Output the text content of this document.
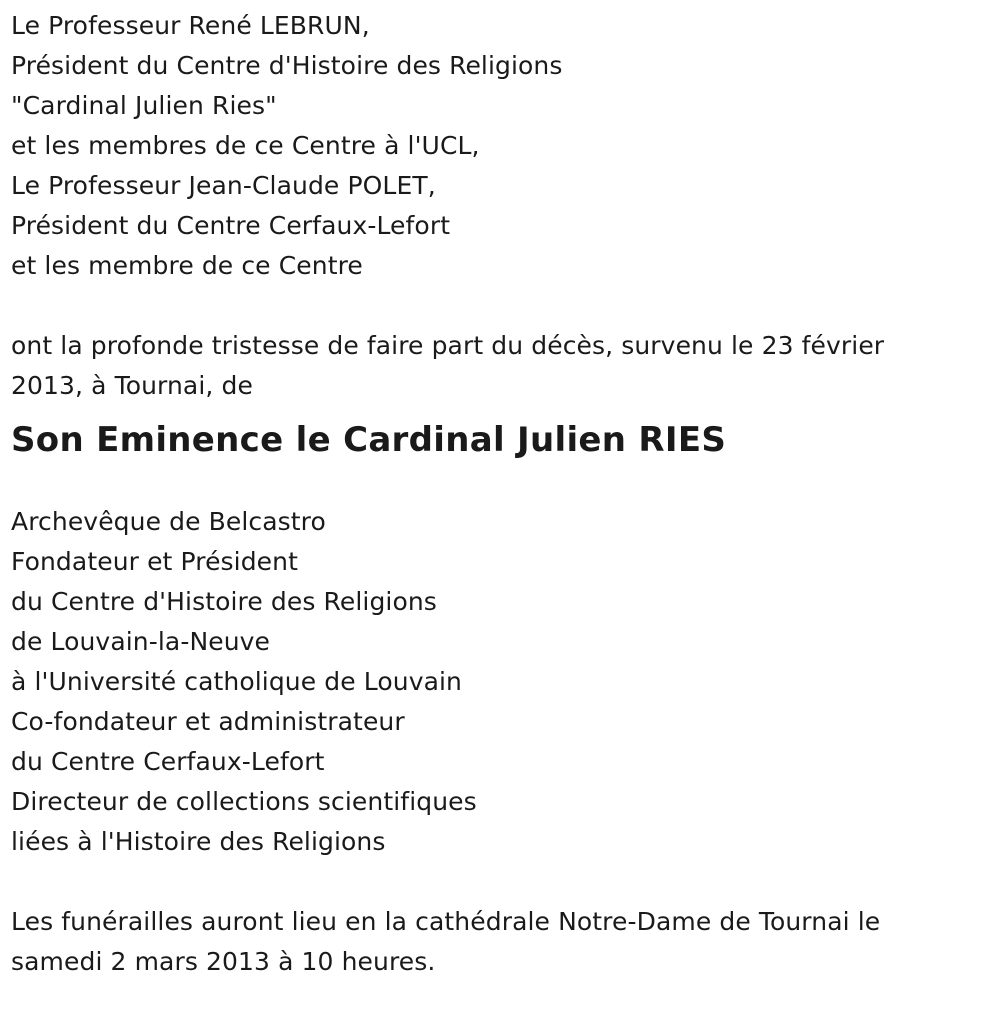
Le Professeur René LEBRUN,
Président du Centre d'Histoire des Religions
"Cardinal Julien Ries"
et les membres de ce Centre à l'UCL,
Le Professeur Jean-Claude POLET,
Président du Centre Cerfaux-Lefort
et les membre de ce Centre
ont la profonde tristesse de faire part du décès, survenu le 23 février
2013, à Tournai, de
Son Eminence le Cardinal Julien RIES
Archevêque de Belcastro
Fondateur et Président
du Centre d'Histoire des Religions
de Louvain-la-Neuve
à l'Université catholique de Louvain
Co-fondateur et administrateur
du Centre Cerfaux-Lefort
Directeur de collections scientifiques
liées à l'Histoire des Religions
Les funérailles auront lieu en la cathédrale Notre-Dame de Tournai le
samedi 2 mars 2013 à 10 heures.
